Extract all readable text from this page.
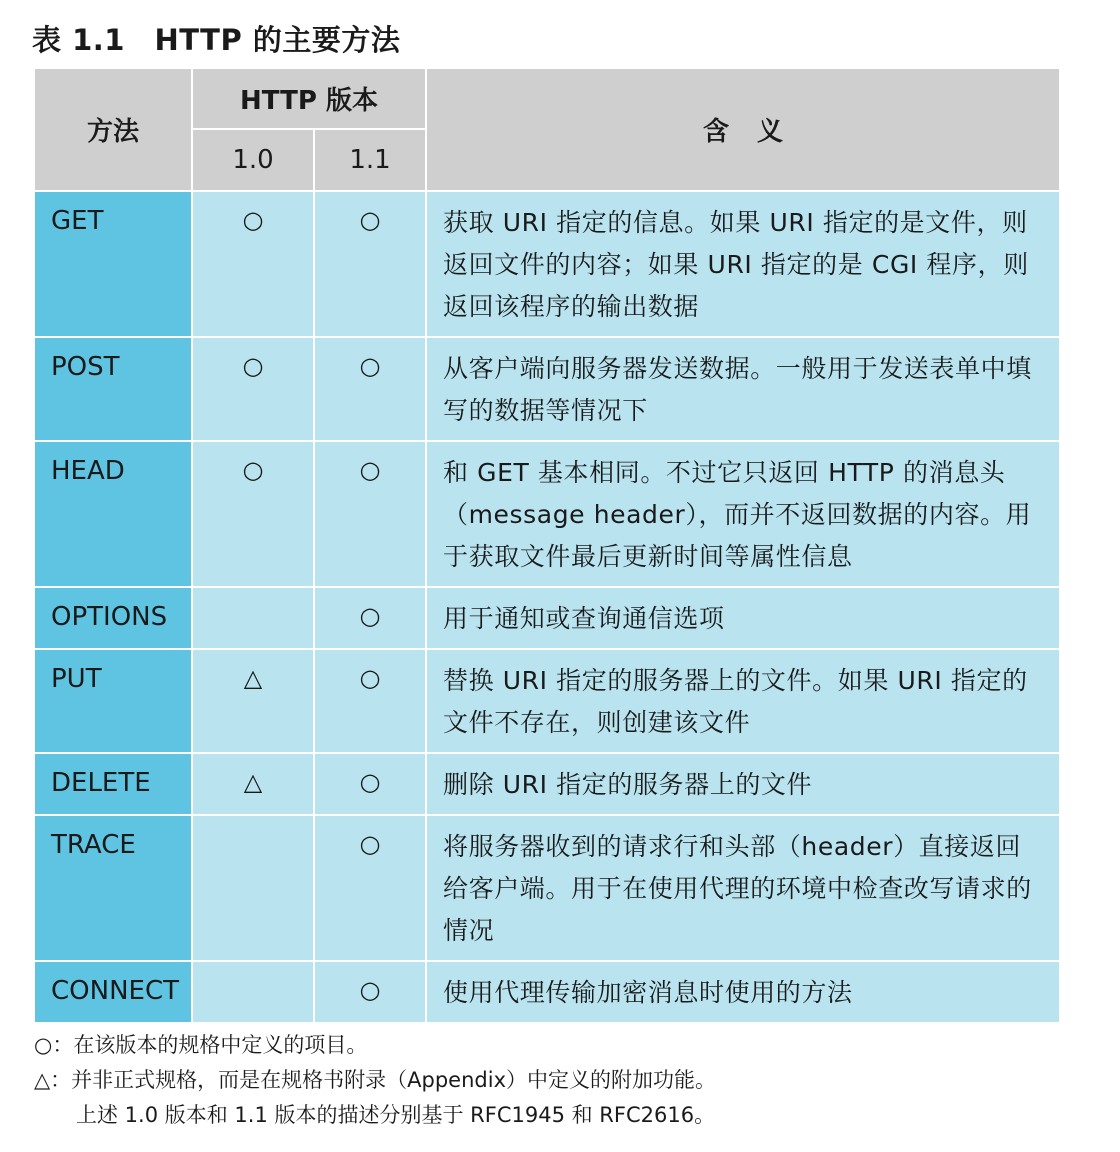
表 1.1　HTTP 的主要方法
方法	HTTP 版本		含义
	1.0	1.1	
GET	○	○	获取 URI 指定的信息。如果 URI 指定的是文件，则返回文件的内容；如果 URI 指定的是 CGI 程序，则返回该程序的输出数据
POST	○	○	从客户端向服务器发送数据。一般用于发送表单中填写的数据等情况下
HEAD	○	○	和 GET 基本相同。不过它只返回 HTTP 的消息头（message header），而并不返回数据的内容。用于获取文件最后更新时间等属性信息
OPTIONS		○	用于通知或查询通信选项
PUT	△	○	替换 URI 指定的服务器上的文件。如果 URI 指定的文件不存在，则创建该文件
DELETE	△	○	删除 URI 指定的服务器上的文件
TRACE		○	将服务器收到的请求行和头部（header）直接返回给客户端。用于在使用代理的环境中检查改写请求的情况
CONNECT		○	使用代理传输加密消息时使用的方法
○：在该版本的规格中定义的项目。
△：并非正式规格，而是在规格书附录（Appendix）中定义的附加功能。
上述 1.0 版本和 1.1 版本的描述分别基于 RFC1945 和 RFC2616。
